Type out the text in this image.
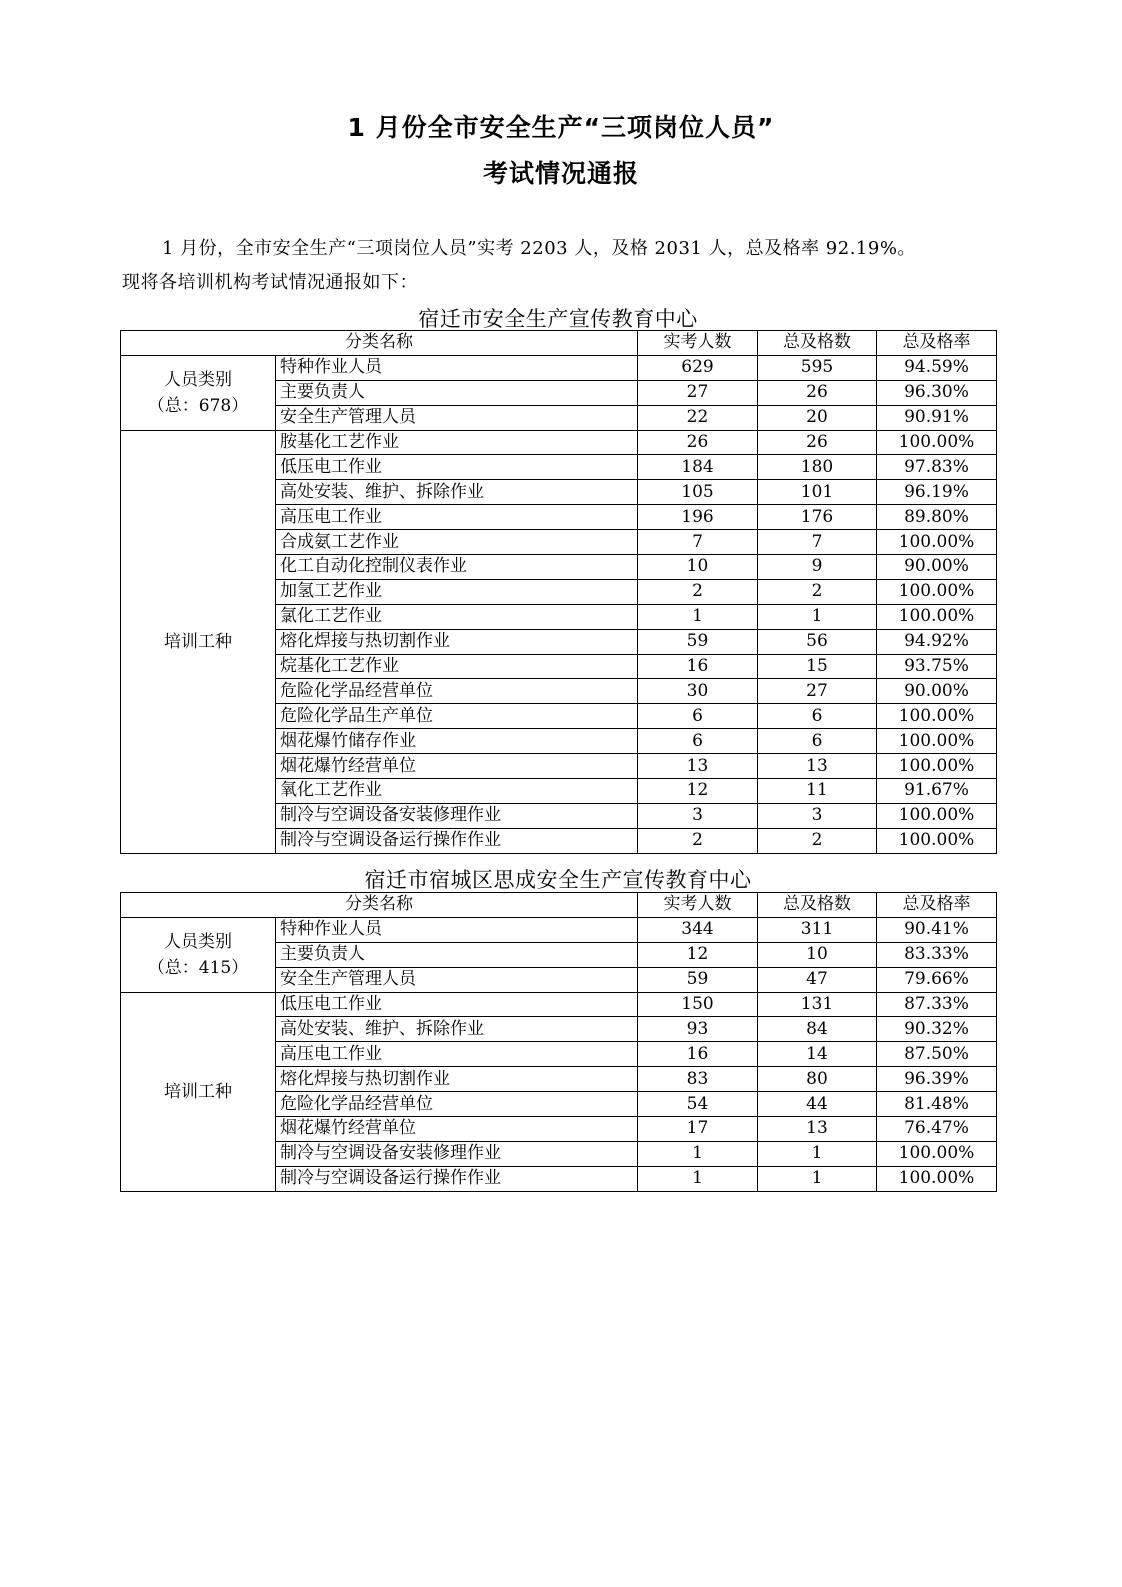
1 月份全市安全生产“三项岗位人员”
考试情况通报
1 月份，全市安全生产“三项岗位人员”实考 2203 人，及格 2031 人，总及格率 92.19%。
现将各培训机构考试情况通报如下：
宿迁市安全生产宣传教育中心
分类名称		实考人数	总及格数	总及格率

人员类别
（总：678）	特种作业人员	629	595	94.59%
	主要负责人	27	26	96.30%
	安全生产管理人员	22	20	90.91%
培训工种	胺基化工艺作业	26	26	100.00%
	低压电工作业	184	180	97.83%
	高处安装、维护、拆除作业	105	101	96.19%
	高压电工作业	196	176	89.80%
	合成氨工艺作业	7	7	100.00%
	化工自动化控制仪表作业	10	9	90.00%
	加氢工艺作业	2	2	100.00%
	氯化工艺作业	1	1	100.00%
	熔化焊接与热切割作业	59	56	94.92%
	烷基化工艺作业	16	15	93.75%
	危险化学品经营单位	30	27	90.00%
	危险化学品生产单位	6	6	100.00%
	烟花爆竹储存作业	6	6	100.00%
	烟花爆竹经营单位	13	13	100.00%
	氧化工艺作业	12	11	91.67%
	制冷与空调设备安装修理作业	3	3	100.00%
	制冷与空调设备运行操作作业	2	2	100.00%
宿迁市宿城区思成安全生产宣传教育中心
分类名称		实考人数	总及格数	总及格率

人员类别
（总：415）	特种作业人员	344	311	90.41%
	主要负责人	12	10	83.33%
	安全生产管理人员	59	47	79.66%
培训工种	低压电工作业	150	131	87.33%
	高处安装、维护、拆除作业	93	84	90.32%
	高压电工作业	16	14	87.50%
	熔化焊接与热切割作业	83	80	96.39%
	危险化学品经营单位	54	44	81.48%
	烟花爆竹经营单位	17	13	76.47%
	制冷与空调设备安装修理作业	1	1	100.00%
	制冷与空调设备运行操作作业	1	1	100.00%
